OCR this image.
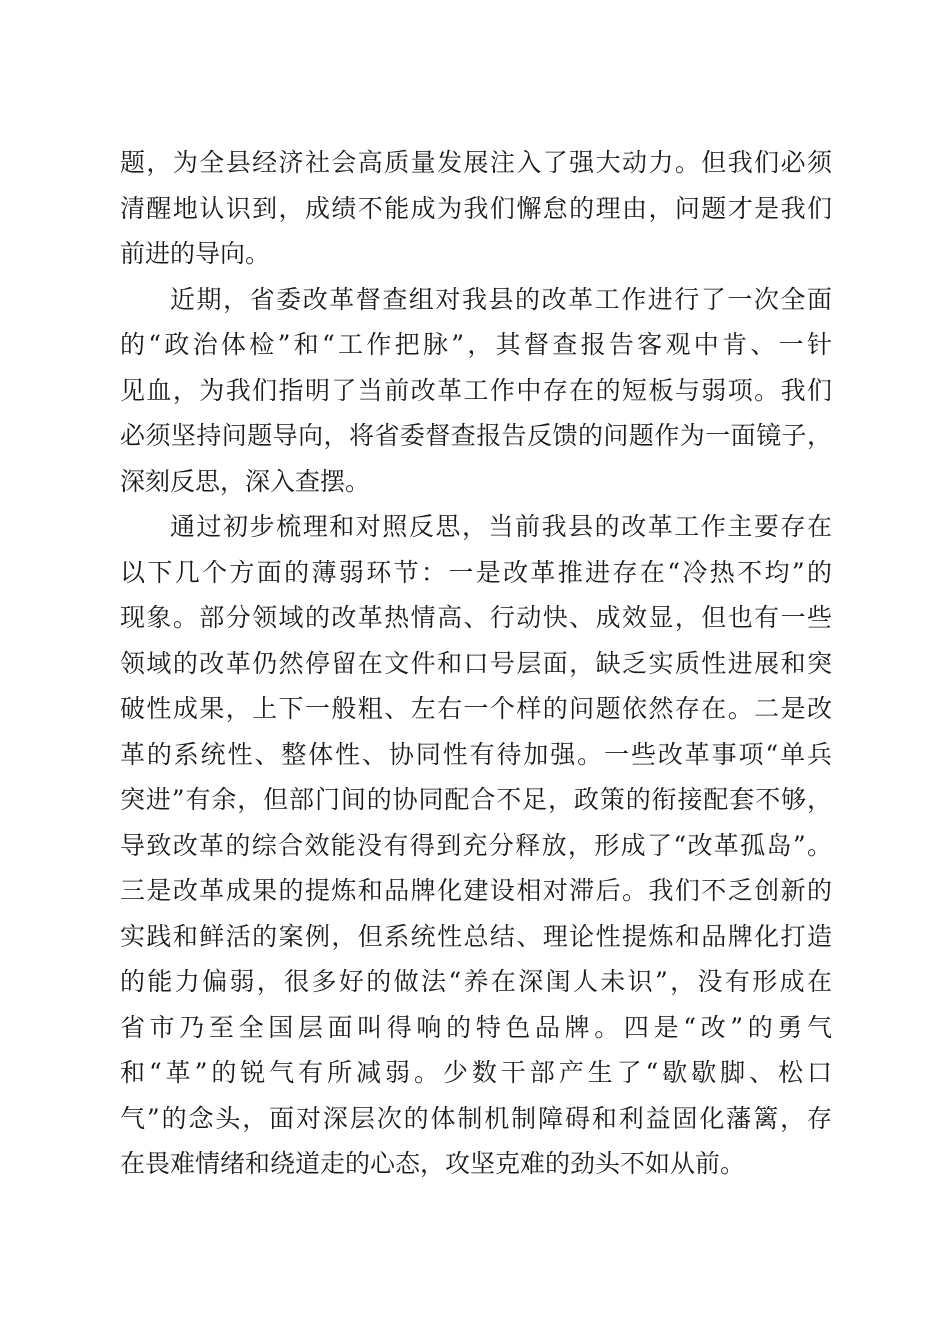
题，为全县经济社会高质量发展注入了强大动力。但我们必须
清醒地认识到，成绩不能成为我们懈怠的理由，问题才是我们
前进的导向。
近期，省委改革督查组对我县的改革工作进行了一次全面
的“政治体检”和“工作把脉”，其督查报告客观中肯、一针
见血，为我们指明了当前改革工作中存在的短板与弱项。我们
必须坚持问题导向，将省委督查报告反馈的问题作为一面镜子，
深刻反思，深入查摆。
通过初步梳理和对照反思，当前我县的改革工作主要存在
以下几个方面的薄弱环节：一是改革推进存在“冷热不均”的
现象。部分领域的改革热情高、行动快、成效显，但也有一些
领域的改革仍然停留在文件和口号层面，缺乏实质性进展和突
破性成果，上下一般粗、左右一个样的问题依然存在。二是改
革的系统性、整体性、协同性有待加强。一些改革事项“单兵
突进”有余，但部门间的协同配合不足，政策的衔接配套不够，
导致改革的综合效能没有得到充分释放，形成了“改革孤岛”。
三是改革成果的提炼和品牌化建设相对滞后。我们不乏创新的
实践和鲜活的案例，但系统性总结、理论性提炼和品牌化打造
的能力偏弱，很多好的做法“养在深闺人未识”，没有形成在
省市乃至全国层面叫得响的特色品牌。四是“改”的勇气
和“革”的锐气有所减弱。少数干部产生了“歇歇脚、松口
气”的念头，面对深层次的体制机制障碍和利益固化藩篱，存
在畏难情绪和绕道走的心态，攻坚克难的劲头不如从前。
